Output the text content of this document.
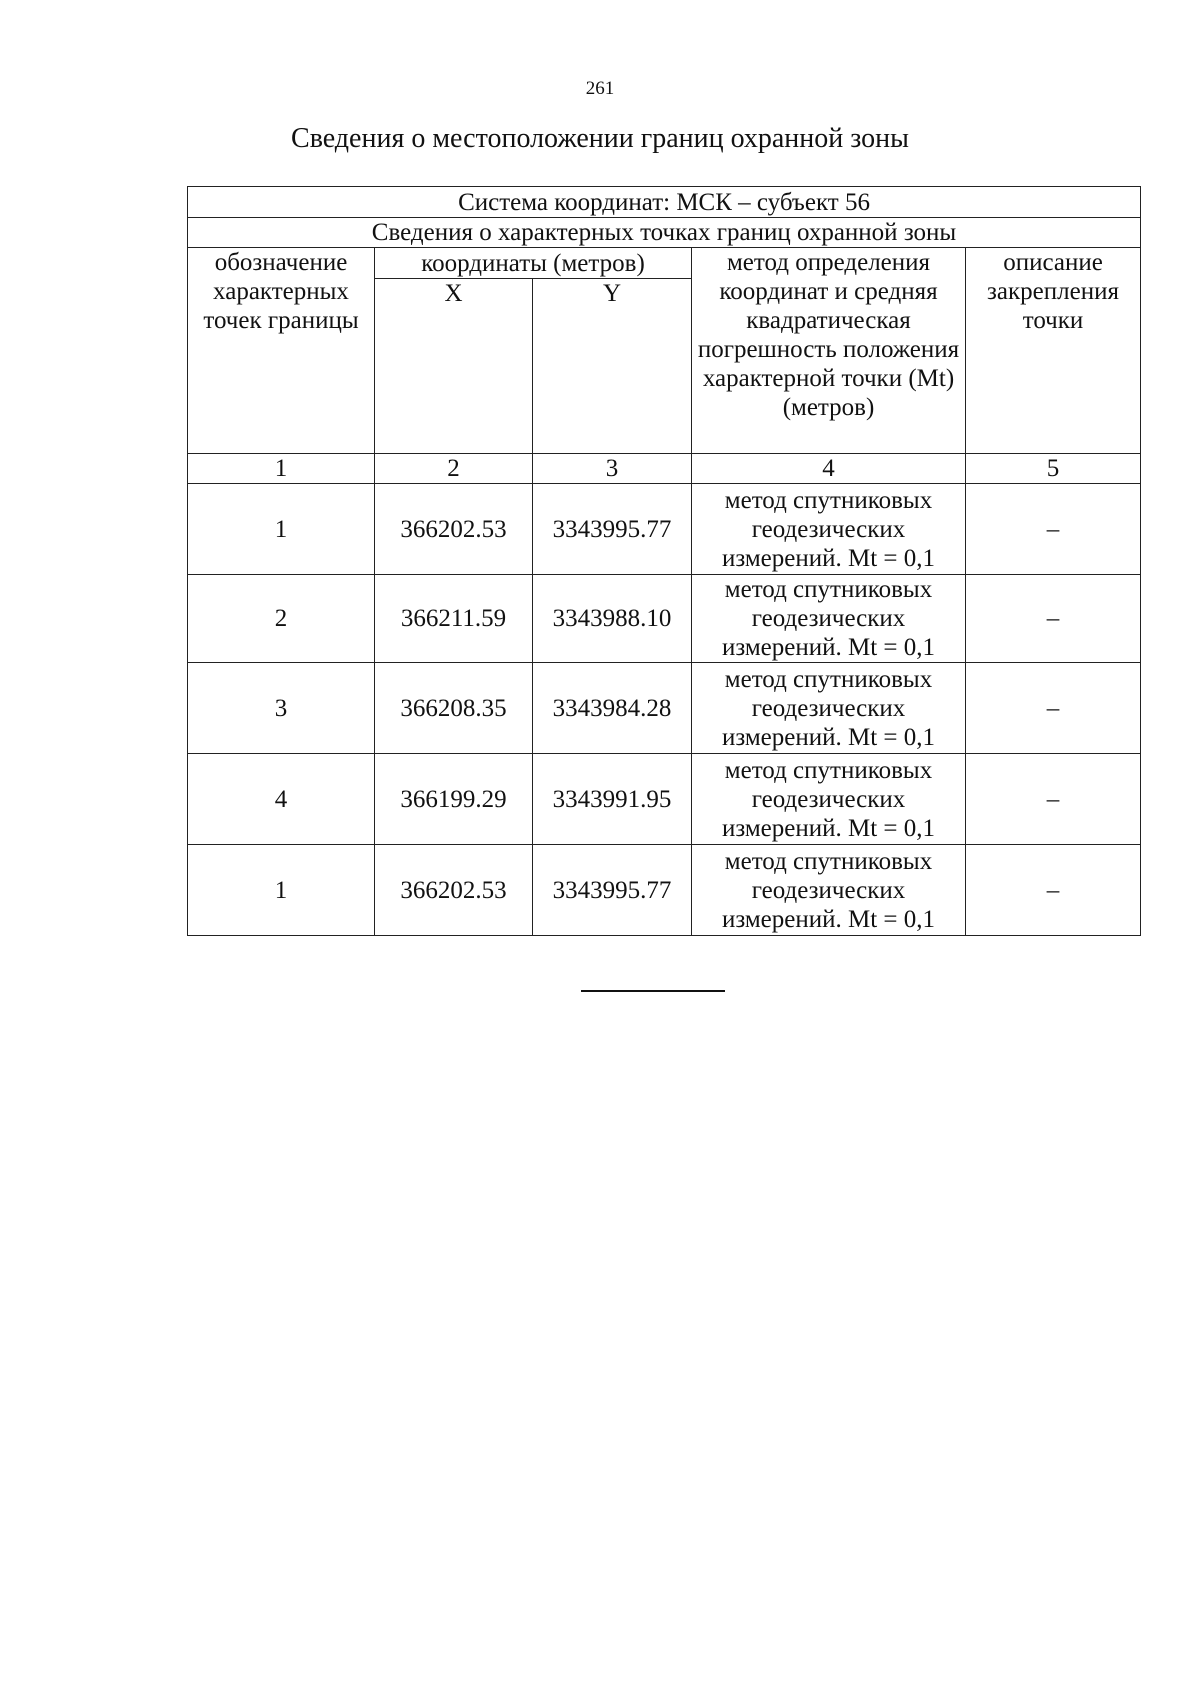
261
Сведения о местоположении границ охранной зоны
Система координат: МСК – субъект 56				
Сведения о характерных точках границ охранной зоны				
обозначение характерных точек границы	координаты (метров)		метод определения координат и средняя квадратическая погрешность положения характерной точки (Mt) (метров)	описание закрепления точки
	X	Y		
1	2	3	4	5
1	366202.53	3343995.77	метод спутниковых геодезических измерений. Mt = 0,1	–
2	366211.59	3343988.10	метод спутниковых геодезических измерений. Mt = 0,1	–
3	366208.35	3343984.28	метод спутниковых геодезических измерений. Mt = 0,1	–
4	366199.29	3343991.95	метод спутниковых геодезических измерений. Mt = 0,1	–
1	366202.53	3343995.77	метод спутниковых геодезических измерений. Mt = 0,1	–
